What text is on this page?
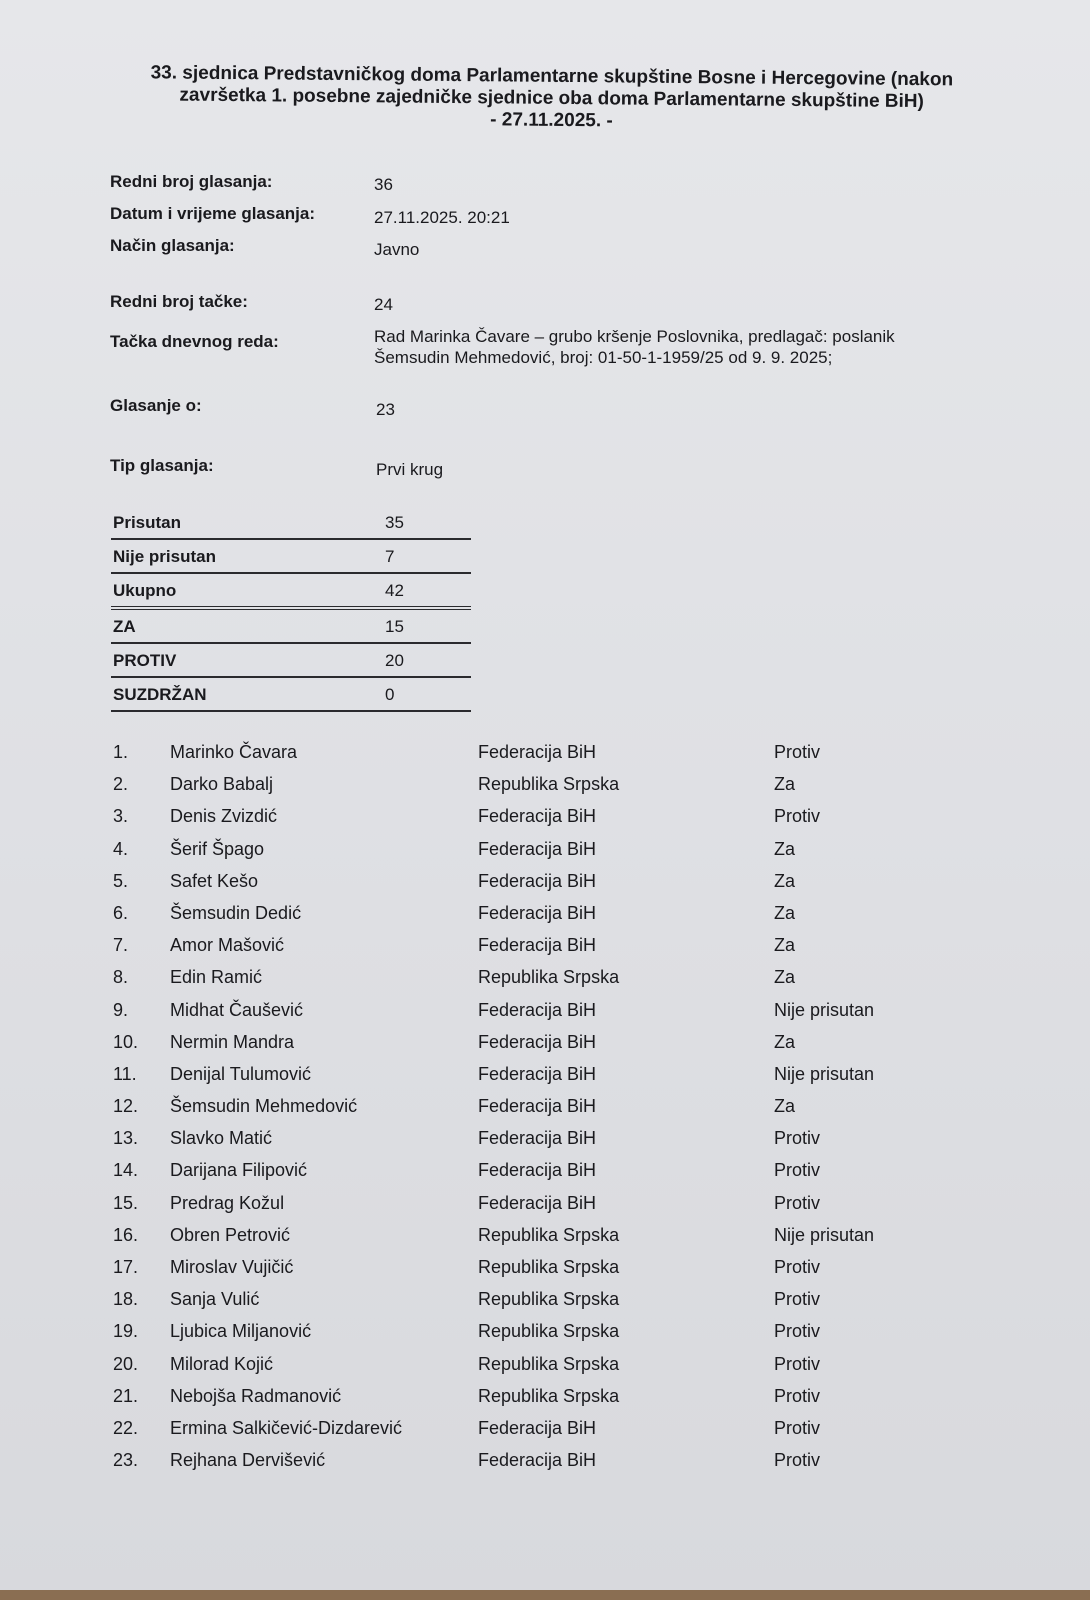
33. sjednica Predstavničkog doma Parlamentarne skupštine Bosne i Hercegovine (nakon
završetka 1. posebne zajedničke sjednice oba doma Parlamentarne skupštine BiH)
- 27.11.2025. -
Redni broj glasanja:	36
Datum i vrijeme glasanja:	27.11.2025. 20:21
Način glasanja:	Javno
Redni broj tačke:	24
Tačka dnevnog reda:	Rad Marinka Čavare – grubo kršenje Poslovnika, predlagač: poslanik
Šemsudin Mehmedović, broj: 01-50-1-1959/25 od 9. 9. 2025;
Glasanje o:	23
Tip glasanja:	Prvi krug
Prisutan	35
Nije prisutan	7
Ukupno	42
ZA	15
PROTIV	20
SUZDRŽAN	0
1. Marinko Čavara	Federacija BiH	Protiv
2. Darko Babalj	Republika Srpska	Za
3. Denis Zvizdić	Federacija BiH	Protiv
4. Šerif Špago	Federacija BiH	Za
5. Safet Kešo	Federacija BiH	Za
6. Šemsudin Dedić	Federacija BiH	Za
7. Amor Mašović	Federacija BiH	Za
8. Edin Ramić	Republika Srpska	Za
9. Midhat Čaušević	Federacija BiH	Nije prisutan
10. Nermin Mandra	Federacija BiH	Za
11. Denijal Tulumović	Federacija BiH	Nije prisutan
12. Šemsudin Mehmedović	Federacija BiH	Za
13. Slavko Matić	Federacija BiH	Protiv
14. Darijana Filipović	Federacija BiH	Protiv
15. Predrag Kožul	Federacija BiH	Protiv
16. Obren Petrović	Republika Srpska	Nije prisutan
17. Miroslav Vujičić	Republika Srpska	Protiv
18. Sanja Vulić	Republika Srpska	Protiv
19. Ljubica Miljanović	Republika Srpska	Protiv
20. Milorad Kojić	Republika Srpska	Protiv
21. Nebojša Radmanović	Republika Srpska	Protiv
22. Ermina Salkičević-Dizdarević	Federacija BiH	Protiv
23. Rejhana Dervišević	Federacija BiH	Protiv
